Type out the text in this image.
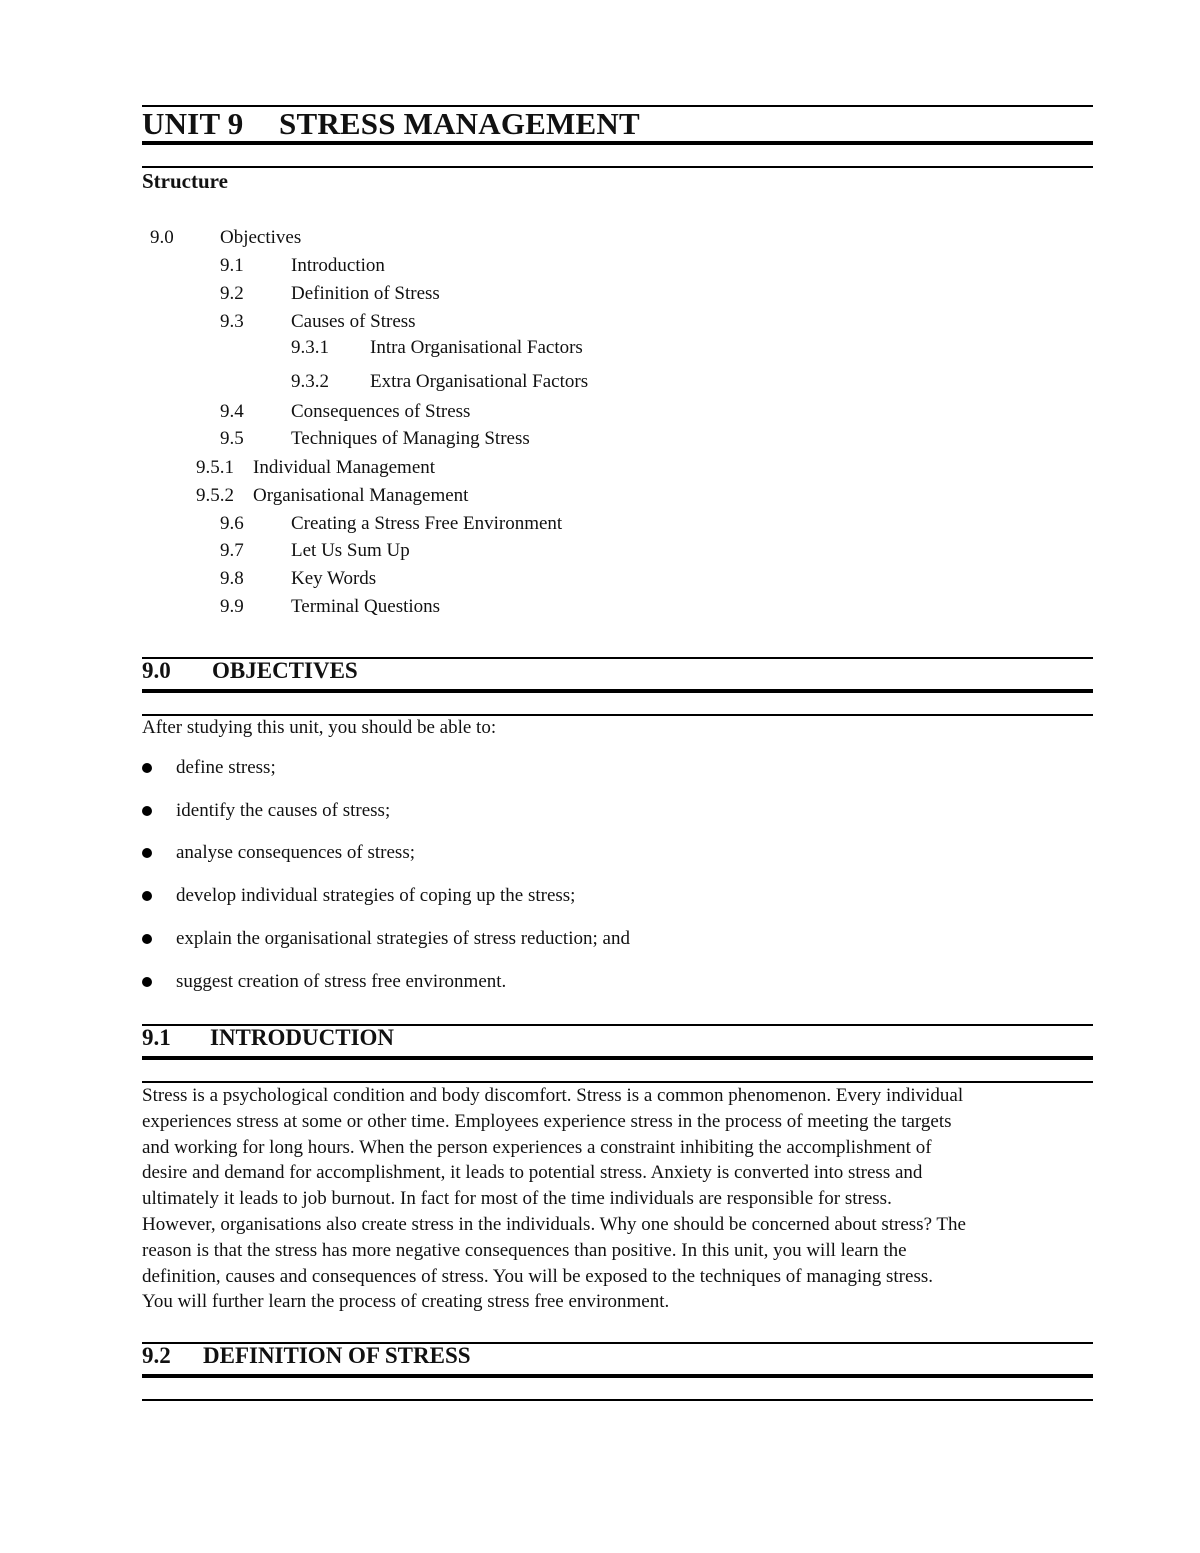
UNIT 9 STRESS MANAGEMENT
Structure
9.0 Objectives
9.1 Introduction
9.2 Definition of Stress
9.3 Causes of Stress
9.3.1 Intra Organisational Factors
9.3.2 Extra Organisational Factors
9.4 Consequences of Stress
9.5 Techniques of Managing Stress
9.5.1 Individual Management
9.5.2 Organisational Management
9.6 Creating a Stress Free Environment
9.7 Let Us Sum Up
9.8 Key Words
9.9 Terminal Questions
9.0 OBJECTIVES
After studying this unit, you should be able to:
define stress;
identify the causes of stress;
analyse consequences of stress;
develop individual strategies of coping up the stress;
explain the organisational strategies of stress reduction; and
suggest creation of stress free environment.
9.1 INTRODUCTION
Stress is a psychological condition and body discomfort. Stress is a common phenomenon. Every individual
experiences stress at some or other time. Employees experience stress in the process of meeting the targets
and working for long hours. When the person experiences a constraint inhibiting the accomplishment of
desire and demand for accomplishment, it leads to potential stress. Anxiety is converted into stress and
ultimately it leads to job burnout. In fact for most of the time individuals are responsible for stress.
However, organisations also create stress in the individuals. Why one should be concerned about stress? The
reason is that the stress has more negative consequences than positive. In this unit, you will learn the
definition, causes and consequences of stress. You will be exposed to the techniques of managing stress.
You will further learn the process of creating stress free environment.
9.2 DEFINITION OF STRESS
